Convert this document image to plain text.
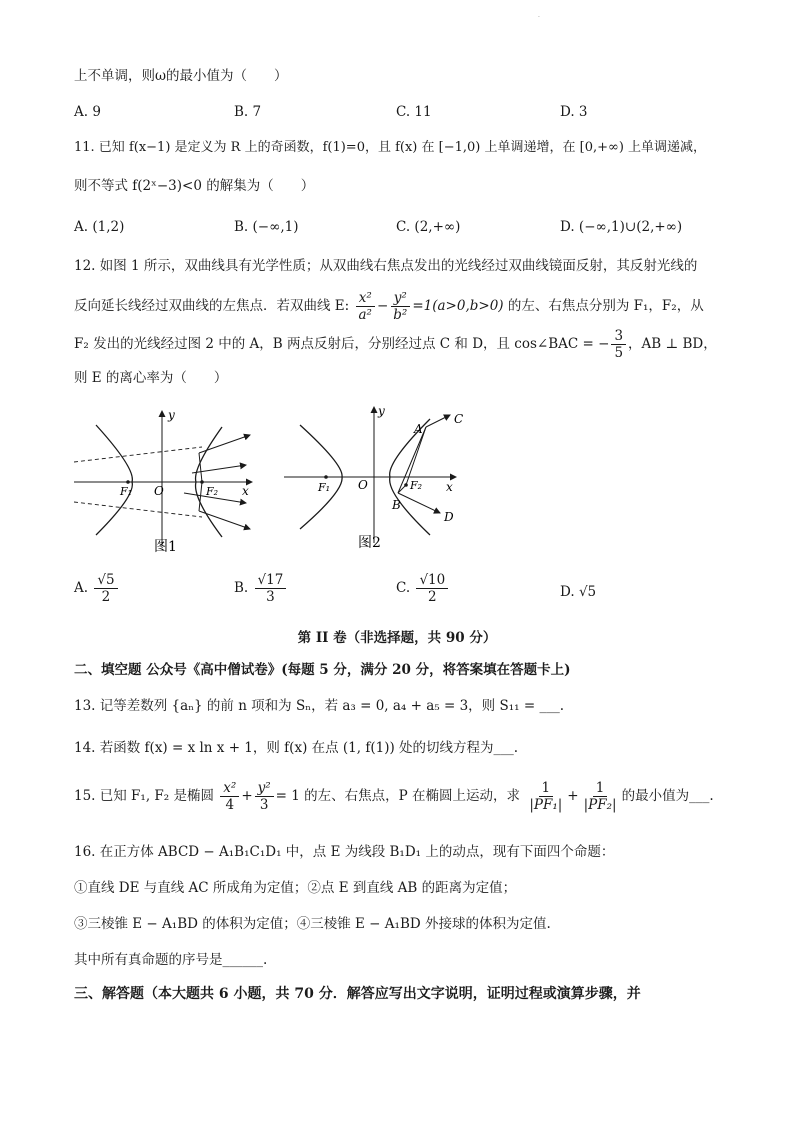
·
上不单调，则ω的最小值为（　　）
A. 9	B. 7	C. 11	D. 3
11. 已知 f(x−1) 是定义为 R 上的奇函数，f(1)=0，且 f(x) 在 [−1,0) 上单调递增，在 [0,+∞) 上单调递减，
则不等式 f(2ˣ−3)<0 的解集为（　　）
A. (1,2)	B. (−∞,1)	C. (2,+∞)	D. (−∞,1)∪(2,+∞)
12. 如图 1 所示，双曲线具有光学性质；从双曲线右焦点发出的光线经过双曲线镜面反射，其反射光线的
反向延长线经过双曲线的左焦点．若双曲线 E: $\frac{\text{x²}}{\text{a²}} - \frac{\text{y²}}{\text{b²}} =1(a>0,b>0)$ 的左、右焦点分别为 F₁，F₂，从
F₂ 发出的光线经过图 2 中的 A，B 两点反射后，分别经过点 C 和 D，且 cos∠BAC = − $\frac{3}{5}$ ，AB ⊥ BD，
则 E 的离心率为（　　）
y
x
O
F₁	F₂
图1
y
x
O
F₁	F₂
A
B
C
D
图2
A. $\frac{√5}{2}$	B. $\frac{√17}{3}$	C. $\frac{√10}{2}$	D. √5
第 II 卷（非选择题，共 90 分）
二、填空题 公众号《高中僧试卷》(每题 5 分，满分 20 分，将答案填在答题卡上)
13. 记等差数列 {aₙ} 的前 n 项和为 Sₙ，若 a₃ = 0, a₄ + a₅ = 3，则 S₁₁ = ___.
14. 若函数 f(x) = x ln x + 1，则 f(x) 在点 (1, f(1)) 处的切线方程为___.
15. 已知 F₁, F₂ 是椭圆 $\frac{\text{x²}}{4} + \frac{\text{y²}}{3} = 1$ 的左、右焦点，P 在椭圆上运动，求 $\frac{1}{\text{|PF₁|}} + \frac{1}{\text{|PF₂|}}$ 的最小值为___.
16. 在正方体 ABCD − A₁B₁C₁D₁ 中，点 E 为线段 B₁D₁ 上的动点，现有下面四个命题：
①直线 DE 与直线 AC 所成角为定值；②点 E 到直线 AB 的距离为定值；
③三棱锥 E − A₁BD 的体积为定值；④三棱锥 E − A₁BD 外接球的体积为定值.
其中所有真命题的序号是______.
三、解答题（本大题共 6 小题，共 70 分．解答应写出文字说明，证明过程或演算步骤，并
